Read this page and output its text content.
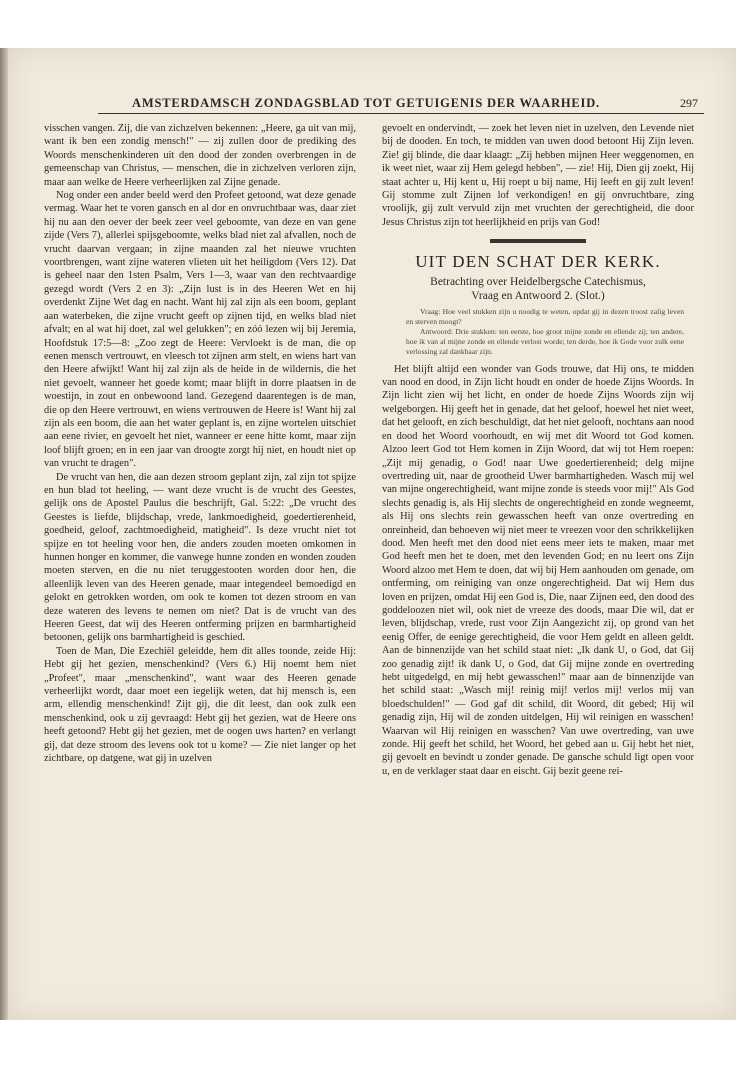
AMSTERDAMSCH ZONDAGSBLAD TOT GETUIGENIS DER WAARHEID.	297

visschen vangen. Zij, die van zichzelven bekennen: „Heere, ga uit van mij, want ik ben een zondig mensch!" — zij zullen door de prediking des Woords menschenkinderen uit den dood der zonden overbrengen in de gemeenschap van Christus, — menschen, die in zichzelven verloren zijn, maar aan welke de Heere verheerlijken zal Zijne genade.

Nog onder een ander beeld werd den Profeet getoond, wat deze genade vermag. Waar het te voren gansch en al dor en onvruchtbaar was, daar ziet hij nu aan den oever der beek zeer veel geboomte, van deze en van gene zijde (Vers 7), allerlei spijsgeboomte, welks blad niet zal afvallen, noch de vrucht daarvan vergaan; in zijne maanden zal het nieuwe vruchten voortbrengen, want zijne wateren vlieten uit het heiligdom (Vers 12). Dat is geheel naar den 1sten Psalm, Vers 1—3, waar van den rechtvaardige gezegd wordt (Vers 2 en 3): „Zijn lust is in des Heeren Wet en hij overdenkt Zijne Wet dag en nacht. Want hij zal zijn als een boom, geplant aan waterbeken, die zijne vrucht geeft op zijnen tijd, en welks blad niet afvalt; en al wat hij doet, zal wel gelukken"; en zóó lezen wij bij Jeremia, Hoofdstuk 17:5—8: „Zoo zegt de Heere: Vervloekt is de man, die op eenen mensch vertrouwt, en vleesch tot zijnen arm stelt, en wiens hart van den Heere afwijkt! Want hij zal zijn als de heide in de wildernis, die het niet gevoelt, wanneer het goede komt; maar blijft in dorre plaatsen in de woestijn, in zout en onbewoond land. Gezegend daarentegen is de man, die op den Heere vertrouwt, en wiens vertrouwen de Heere is! Want hij zal zijn als een boom, die aan het water geplant is, en zijne wortelen uitschiet aan eene rivier, en gevoelt het niet, wanneer er eene hitte komt, maar zijn loof blijft groen; en in een jaar van droogte zorgt hij niet, en houdt niet op van vrucht te dragen".

De vrucht van hen, die aan dezen stroom geplant zijn, zal zijn tot spijze en hun blad tot heeling, — want deze vrucht is de vrucht des Geestes, gelijk ons de Apostel Paulus die beschrijft, Gal. 5:22: „De vrucht des Geestes is liefde, blijdschap, vrede, lankmoedigheid, goedertierenheid, goedheid, geloof, zachtmoedigheid, matigheid". Is deze vrucht niet tot spijze en tot heeling voor hen, die anders zouden moeten omkomen in hunnen honger en kommer, die vanwege hunne zonden en wonden zouden moeten sterven, en die nu niet teruggestooten worden door hen, die alleenlijk leven van des Heeren genade, maar integendeel bemoedigd en gelokt en getrokken worden, om ook te komen tot dezen stroom en van deze wateren des levens te nemen om niet? Dat is de vrucht van des Heeren Geest, dat wij des Heeren ontferming prijzen en barmhartigheid betoonen, gelijk ons barmhartigheid is geschied.

Toen de Man, Die Ezechiël geleidde, hem dit alles toonde, zeide Hij: Hebt gij het gezien, menschenkind? (Vers 6.) Hij noemt hem niet „Profeet", maar „menschenkind", want waar des Heeren genade verheerlijkt wordt, daar moet een iegelijk weten, dat hij mensch is, een arm, ellendig menschenkind! Zijt gij, die dit leest, dan ook zulk een menschenkind, ook u zij gevraagd: Hebt gij het gezien, wat de Heere ons heeft getoond? Hebt gij het gezien, met de oogen uws harten? en verlangt gij, dat deze stroom des levens ook tot u kome? — Zie niet langer op het zichtbare, op datgene, wat gij in uzelven

gevoelt en ondervindt, — zoek het leven niet in uzelven, den Levende niet bij de dooden. En toch, te midden van uwen dood betoont Hij Zijn leven. Zie! gij blinde, die daar klaagt: „Zij hebben mijnen Heer weggenomen, en ik weet niet, waar zij Hem gelegd hebben", — zie! Hij, Dien gij zoekt, Hij staat achter u, Hij kent u, Hij roept u bij name, Hij leeft en gij zult leven! Gij stomme zult Zijnen lof verkondigen! en gij onvruchtbare, zing vroolijk, gij zult vervuld zijn met vruchten der gerechtigheid, die door Jesus Christus zijn tot heerlijkheid en prijs van God!

UIT DEN SCHAT DER KERK.
Betrachting over Heidelbergsche Catechismus,
Vraag en Antwoord 2. (Slot.)
Vraag: Hoe veel stukken zijn u noodig te weten, opdat gij in dezen troost zalig leven en sterven moogt?
Antwoord: Drie stukken: ten eerste, hoe groot mijne zonde en ellende zij; ten andere, hoe ik van al mijne zonde en ellende verlost worde; ten derde, hoe ik Gode voor zulk eene verlossing zal dankbaar zijn.

Het blijft altijd een wonder van Gods trouwe, dat Hij ons, te midden van nood en dood, in Zijn licht houdt en onder de hoede Zijns Woords. In Zijn licht zien wij het licht, en onder de hoede Zijns Woords zijn wij welgeborgen. Hij geeft het in genade, dat het geloof, hoewel het niet weet, dat het gelooft, en zich beschuldigt, dat het niet gelooft, nochtans aan nood en dood het Woord voorhoudt, en wij met dit Woord tot God komen. Alzoo leert God tot Hem komen in Zijn Woord, dat wij tot Hem roepen: „Zijt mij genadig, o God! naar Uwe goedertierenheid; delg mijne overtreding uit, naar de grootheid Uwer barmhartigheden. Wasch mij wel van mijne ongerechtigheid, want mijne zonde is steeds voor mij!" Als God slechts genadig is, als Hij slechts de ongerechtigheid en zonde wegneemt, als Hij ons slechts rein gewasschen heeft van onze overtreding en onreinheid, dan behoeven wij niet meer te vreezen voor den schrikkelijken dood. Men heeft met den dood niet eens meer iets te maken, maar met God heeft men het te doen, met den levenden God; en nu leert ons Zijn Woord alzoo met Hem te doen, dat wij bij Hem aanhouden om genade, om ontferming, om reiniging van onze ongerechtigheid. Dat wij Hem dus loven en prijzen, omdat Hij een God is, Die, naar Zijnen eed, den dood des goddeloozen niet wil, ook niet de vreeze des doods, maar Die wil, dat er leven, blijdschap, vrede, rust voor Zijn Aangezicht zij, op grond van het eenig Offer, de eenige gerechtigheid, die voor Hem geldt en alleen geldt. Aan de binnenzijde van het schild staat niet: „Ik dank U, o God, dat Gij zoo genadig zijt! ik dank U, o God, dat Gij mijne zonde en overtreding hebt uitgedelgd, en mij hebt gewasschen!" maar aan de binnenzijde van het schild staat: „Wasch mij! reinig mij! verlos mij! verlos mij van bloedschulden!" — God gaf dit schild, dit Woord, dit gebed; Hij wil genadig zijn, Hij wil de zonden uitdelgen, Hij wil reinigen en wasschen! Waarvan wil Hij reinigen en wasschen? Van uwe overtreding, van uwe zonde. Hij geeft het schild, het Woord, het gebed aan u. Gij hebt het niet, gij gevoelt en bevindt u zonder genade. De gansche schuld ligt open voor u, en de verklager staat daar en eischt. Gij bezit geene rei-
